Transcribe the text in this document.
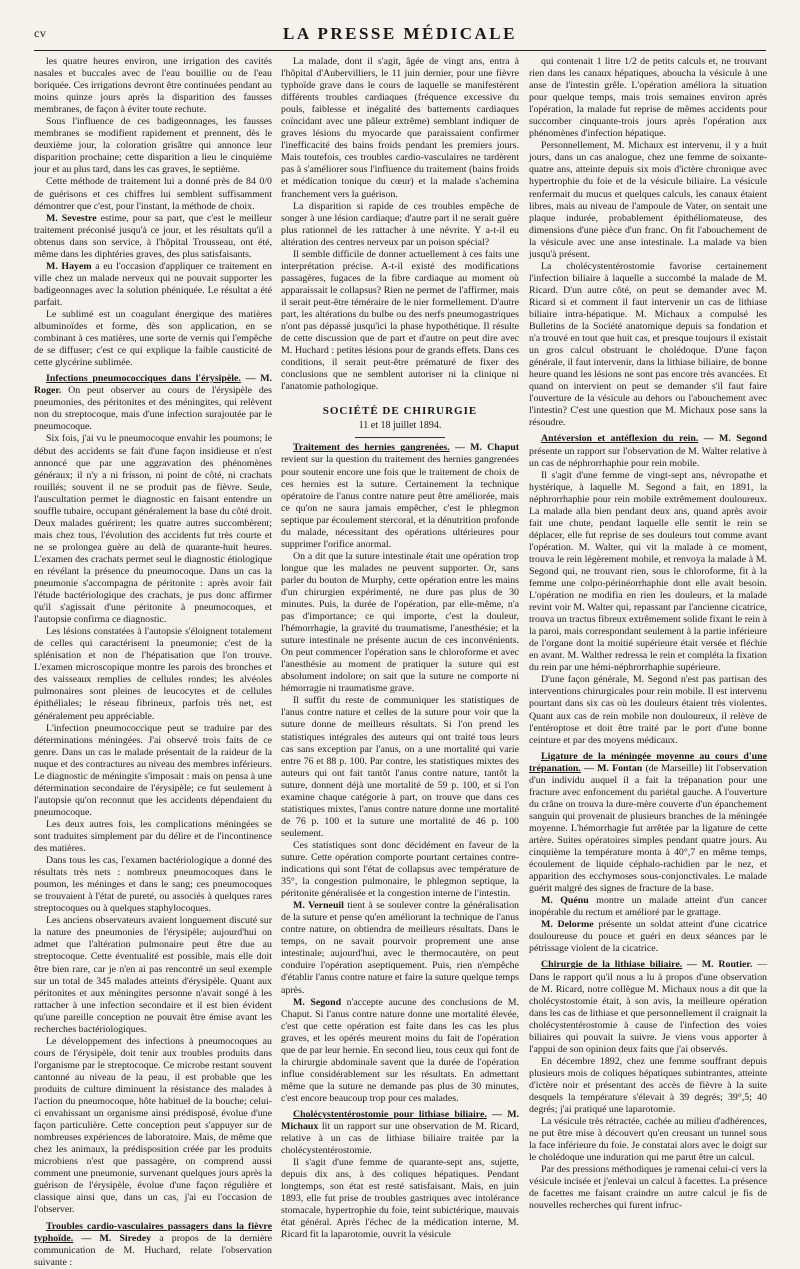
cv	LA PRESSE MÉDICALE

les quatre heures environ, une irrigation des cavités nasales et buccales avec de l'eau bouillie ou de l'eau boriquée. Ces irrigations devront être continuées pendant au moins quinze jours après la disparition des fausses membranes, de façon à éviter toute rechute.

Sous l'influence de ces badigeonnages, les fausses membranes se modifient rapidement et prennent, dès le deuxième jour, la coloration grisâtre qui annonce leur disparition prochaine; cette disparition a lieu le cinquième jour et au plus tard, dans les cas graves, le septième.

Cette méthode de traitement lui a donné près de 84 0/0 de guérisons et ces chiffres lui semblent suffisamment démontrer que c'est, pour l'instant, la méthode de choix.

M. Sevestre estime, pour sa part, que c'est le meilleur traitement préconisé jusqu'à ce jour, et les résultats qu'il a obtenus dans son service, à l'hôpital Trousseau, ont été, même dans les diphtéries graves, des plus satisfaisants.

M. Hayem a eu l'occasion d'appliquer ce traitement en ville chez un malade nerveux qui ne pouvait supporter les badigeonnages avec la solution phéniquée. Le résultat a été parfait.

Le sublimé est un coagulant énergique des matières albuminoïdes et forme, dès son application, en se combinant à ces matières, une sorte de vernis qui l'empêche de se diffuser; c'est ce qui explique la faible causticité de cette glycérine sublimée.

Infections pneumococciques dans l'érysipèle. — M. Roger. On peut observer au cours de l'érysipèle des pneumonies, des péritonites et des méningites, qui relèvent non du streptocoque, mais d'une infection surajoutée par le pneumocoque.

Six fois, j'ai vu le pneumocoque envahir les poumons; le début des accidents se fait d'une façon insidieuse et n'est annoncé que par une aggravation des phénomènes généraux; il n'y a ni frisson, ni point de côté, ni crachats rouillés; souvent il ne se produit pas de fièvre. Seule, l'auscultation permet le diagnostic en faisant entendre un souffle tubaire, occupant généralement la base du côté droit. Deux malades guérirent; les quatre autres succombèrent; mais chez tous, l'évolution des accidents fut très courte et ne se prolongea guère au delà de quarante-huit heures. L'examen des crachats permet seul le diagnostic étiologique en révélant la présence du pneumocoque. Dans un cas la pneumonie s'accompagna de péritonite : après avoir fait l'étude bactériologique des crachats, je pus donc affirmer qu'il s'agissait d'une péritonite à pneumocoques, et l'autopsie confirma ce diagnostic.

Les lésions constatées à l'autopsie s'éloignent totalement de celles qui caractérisent la pneumonie; c'est de la splénisation et non de l'hépatisation que l'on trouve. L'examen microscopique montre les parois des bronches et des vaisseaux remplies de cellules rondes; les alvéoles pulmonaires sont pleines de leucocytes et de cellules épithéliales; le réseau fibrineux, parfois très net, est généralement peu appréciable.

L'infection pneumococcique peut se traduire par des déterminations méningées. J'ai observé trois faits de ce genre. Dans un cas le malade présentait de la raideur de la nuque et des contractures au niveau des membres inférieurs. Le diagnostic de méningite s'imposait : mais on pensa à une détermination secondaire de l'érysipèle; ce fut seulement à l'autopsie qu'on reconnut que les accidents dépendaient du pneumocoque.

Les deux autres fois, les complications méningées se sont traduites simplement par du délire et de l'incontinence des matières.

Dans tous les cas, l'examen bactériologique a donné des résultats très nets : nombreux pneumocoques dans le poumon, les méninges et dans le sang; ces pneumocoques se trouvaient à l'état de pureté, ou associés à quelques rares streptocoques ou à quelques staphylocoques.

Les anciens observateurs avaient longuement discuté sur la nature des pneumonies de l'érysipèle; aujourd'hui on admet que l'altération pulmonaire peut être due au streptocoque. Cette éventualité est possible, mais elle doit être bien rare, car je n'en ai pas rencontré un seul exemple sur un total de 345 malades atteints d'érysipèle. Quant aux péritonites et aux méningites personne n'avait songé à les rattacher à une infection secondaire et il est bien évident qu'une pareille conception ne pouvait être émise avant les recherches bactériologiques.

Le développement des infections à pneumocoques au cours de l'érysipèle, doit tenir aux troubles produits dans l'organisme par le streptocoque. Ce microbe restant souvent cantonné au niveau de la peau, il est probable que les produits de culture diminuent la résistance des malades à l'action du pneumocoque, hôte habituel de la bouche; celui-ci envahissant un organisme ainsi prédisposé, évolue d'une façon particulière. Cette conception peut s'appuyer sur de nombreuses expériences de laboratoire. Mais, de même que chez les animaux, la prédisposition créée par les produits microbiens n'est que passagère, on comprend aussi comment une pneumonie, survenant quelques jours après la guérison de l'érysipèle, évolue d'une façon régulière et classique ainsi que, dans un cas, j'ai eu l'occasion de l'observer.

Troubles cardio-vasculaires passagers dans la fièvre typhoïde. — M. Siredey a propos de la dernière communication de M. Huchard, relate l'observation suivante :

La malade, dont il s'agit, âgée de vingt ans, entra à l'hôpital d'Aubervilliers, le 11 juin dernier, pour une fièvre typhoïde grave dans le cours de laquelle se manifestèrent différents troubles cardiaques (fréquence excessive du pouls, faiblesse et inégalité des battements cardiaques coïncidant avec une pâleur extrême) semblant indiquer de graves lésions du myocarde que paraissaient confirmer l'inefficacité des bains froids pendant les premiers jours. Mais toutefois, ces troubles cardio-vasculaires ne tardèrent pas à s'améliorer sous l'influence du traitement (bains froids et médication tonique du cœur) et la malade s'achemina franchement vers la guérison.

La disparition si rapide de ces troubles empêche de songer à une lésion cardiaque; d'autre part il ne serait guère plus rationnel de les rattacher à une névrite. Y a-t-il eu altération des centres nerveux par un poison spécial?

Il semble difficile de donner actuellement à ces faits une interprétation précise. A-t-il existé des modifications passagères, fugaces de la fibre cardiaque au moment où apparaissait le collapsus? Rien ne permet de l'affirmer, mais il serait peut-être téméraire de le nier formellement. D'autre part, les altérations du bulbe ou des nerfs pneumogastriques n'ont pas dépassé jusqu'ici la phase hypothétique. Il résulte de cette discussion que de part et d'autre on peut dire avec M. Huchard : petites lésions pour de grands effets. Dans ces conditions, il serait peut-être prématuré de fixer des conclusions que ne semblent autoriser ni la clinique ni l'anatomie pathologique.

SOCIÉTÉ DE CHIRURGIE
11 et 18 juillet 1894.

Traitement des hernies gangrenées. — M. Chaput revient sur la question du traitement des hernies gangrenées pour soutenir encore une fois que le traitement de choix de ces hernies est la suture. Certainement la technique opératoire de l'anus contre nature peut être améliorée, mais ce qu'on ne saura jamais empêcher, c'est le phlegmon septique par écoulement stercoral, et la dénutrition profonde du malade, nécessitant des opérations ultérieures pour supprimer l'orifice anormal.

On a dit que la suture intestinale était une opération trop longue que les malades ne peuvent supporter. Or, sans parler du bouton de Murphy, cette opération entre les mains d'un chirurgien expérimenté, ne dure pas plus de 30 minutes. Puis, la durée de l'opération, par elle-même, n'a pas d'importance; ce qui importe, c'est la douleur, l'hémorrhagie, la gravité du traumatisme, l'anesthésie; et la suture intestinale ne présente aucun de ces inconvénients. On peut commencer l'opération sans le chloroforme et avec l'anesthésie au moment de pratiquer la suture qui est absolument indolore; on sait que la suture ne comporte ni hémorragie ni traumatisme grave.

Il suffit du reste de communiquer les statistiques de l'anus contre nature et celles de la suture pour voir que la suture donne de meilleurs résultats. Si l'on prend les statistiques intégrales des auteurs qui ont traité tous leurs cas sans exception par l'anus, on a une mortalité qui varie entre 76 et 88 p. 100. Par contre, les statistiques mixtes des auteurs qui ont fait tantôt l'anus contre nature, tantôt la suture, donnent déjà une mortalité de 59 p. 100, et si l'on examine chaque catégorie à part, on trouve que dans ces statistiques mixtes, l'anus contre nature donne une mortalité de 76 p. 100 et la suture une mortalité de 46 p. 100 seulement.

Ces statistiques sont donc décidément en faveur de la suture. Cette opération comporte pourtant certaines contre-indications qui sont l'état de collapsus avec température de 35°, la congestion pulmonaire, le phlegmon septique, la péritonite généralisée et la congestion interne de l'intestin.

M. Verneuil tient à se soulever contre la généralisation de la suture et pense qu'en améliorant la technique de l'anus contre nature, on obtiendra de meilleurs résultats. Dans le temps, on ne savait pourvoir proprement une anse intestinale; aujourd'hui, avec le thermocautère, on peut conduire l'opération aseptiquement. Puis, rien n'empêche d'établir l'anus contre nature et faire la suture quelque temps après.

M. Segond n'accepte aucune des conclusions de M. Chaput. Si l'anus contre nature donne une mortalité élevée, c'est que cette opération est faite dans les cas les plus graves, et les opérés meurent moins du fait de l'opération que de par leur hernie. En second lieu, tous ceux qui font de la chirurgie abdominale savent que la durée de l'opération influe considérablement sur les résultats. En admettant même que la suture ne demande pas plus de 30 minutes, c'est encore beaucoup trop pour ces malades.

Cholécystentérostomie pour lithiase biliaire. — M. Michaux lit un rapport sur une observation de M. Ricard, relative à un cas de lithiase biliaire traitée par la cholécystentérostomie.

Il s'agit d'une femme de quarante-sept ans, sujette, depuis dix ans, à des coliques hépatiques. Pendant longtemps, son état est resté satisfaisant. Mais, en juin 1893, elle fut prise de troubles gastriques avec intolérance stomacale, hypertrophie du foie, teint subictérique, mauvais état général. Après l'échec de la médication interne, M. Ricard fit la laparotomie, ouvrit la vésicule

qui contenait 1 litre 1/2 de petits calculs et, ne trouvant rien dans les canaux hépatiques, aboucha la vésicule à une anse de l'intestin grêle. L'opération améliora la situation pour quelque temps, mais trois semaines environ après l'opération, la malade fut reprise de mêmes accidents pour succomber cinquante-trois jours après l'opération aux phénomènes d'infection hépatique.

Personnellement, M. Michaux est intervenu, il y a huit jours, dans un cas analogue, chez une femme de soixante-quatre ans, atteinte depuis six mois d'ictère chronique avec hypertrophie du foie et de la vésicule biliaire. La vésicule renfermait du mucus et quelques calculs, les canaux étaient libres, mais au niveau de l'ampoule de Vater, on sentait une plaque indurée, probablement épithéliomateuse, des dimensions d'une pièce d'un franc. On fit l'abouchement de la vésicule avec une anse intestinale. La malade va bien jusqu'à présent.

La cholécystentérostomie favorise certainement l'infection biliaire à laquelle a succombé la malade de M. Ricard. D'un autre côté, on peut se demander avec M. Ricard si et comment il faut intervenir un cas de lithiase biliaire intra-hépatique. M. Michaux a compulsé les Bulletins de la Société anatomique depuis sa fondation et n'a trouvé en tout que huit cas, et presque toujours il existait un gros calcul obstruant le cholédoque. D'une façon générale, il faut intervenir, dans la lithiase biliaire, de bonne heure quand les lésions ne sont pas encore très avancées. Et quand on intervient on peut se demander s'il faut faire l'ouverture de la vésicule au dehors ou l'abouchement avec l'intestin? C'est une question que M. Michaux pose sans la résoudre.

Antéversion et antéflexion du rein. — M. Segond présente un rapport sur l'observation de M. Walter relative à un cas de néphrorrhaphie pour rein mobile.

Il s'agit d'une femme de vingt-sept ans, névropathe et hystérique, à laquelle M. Segond a fait, en 1891, la néphrorrhaphie pour rein mobile extrêmement douloureux. La malade alla bien pendant deux ans, quand après avoir fait une chute, pendant laquelle elle sentit le rein se déplacer, elle fut reprise de ses douleurs tout comme avant l'opération. M. Walter, qui vit la malade à ce moment, trouva le rein légèrement mobile, et renvoya la malade à M. Segond qui, ne trouvant rien, sous le chloroforme, fit à la femme une colpo-périnéorrhaphie dont elle avait besoin. L'opération ne modifia en rien les douleurs, et la malade revint voir M. Walter qui, repassant par l'ancienne cicatrice, trouva un tractus fibreux extrêmement solide fixant le rein à la paroi, mais correspondant seulement à la partie inférieure de l'organe dont la moitié supérieure était versée et fléchie en avant. M. Walther redressa le rein et compléta la fixation du rein par une hémi-néphrorrhaphie supérieure.

D'une façon générale, M. Segond n'est pas partisan des interventions chirurgicales pour rein mobile. Il est intervenu pourtant dans six cas où les douleurs étaient très violentes. Quant aux cas de rein mobile non douloureux, il relève de l'entéroptose et doit être traité par le port d'une bonne ceinture et par des moyens médicaux.

Ligature de la méningée moyenne au cours d'une trépanation. — M. Fontan (de Marseille) lit l'observation d'un individu auquel il a fait la trépanation pour une fracture avec enfoncement du pariétal gauche. A l'ouverture du crâne on trouva la dure-mère couverte d'un épanchement sanguin qui provenait de plusieurs branches de la méningée moyenne. L'hémorrhagie fut arrêtée par la ligature de cette artère. Suites opératoires simples pendant quatre jours. Au cinquième la température monta à 40°,7 en même temps, écoulement de liquide céphalo-rachidien par le nez, et apparition des ecchymoses sous-conjonctivales. Le malade guérit malgré des signes de fracture de la base.

M. Quénu montre un malade atteint d'un cancer inopérable du rectum et amélioré par le grattage.

M. Delorme présente un soldat atteint d'une cicatrice douloureuse du pouce et guéri en deux séances par le pétrissage violent de la cicatrice.

Chirurgie de la lithiase biliaire. — M. Routier. — Dans le rapport qu'il nous a lu à propos d'une observation de M. Ricard, notre collègue M. Michaux nous a dit que la cholécystostomie était, à son avis, la meilleure opération dans les cas de lithiase et que personnellement il craignait la cholécystentérostomie à cause de l'infection des voies biliaires qui pouvait la suivre. Je viens vous apporter à l'appui de son opinion deux faits que j'ai observés.

En décembre 1892, chez une femme souffrant depuis plusieurs mois de coliques hépatiques subintrantes, atteinte d'ictère noir et présentant des accès de fièvre à la suite desquels la température s'élevait à 39 degrés; 39°,5; 40 degrés; j'ai pratiqué une laparotomie.

La vésicule très rétractée, cachée au milieu d'adhérences, ne put être mise à découvert qu'en creusant un tunnel sous la face inférieure du foie. Je constatai alors avec le doigt sur le cholédoque une induration qui me parut être un calcul.

Par des pressions méthodiques je ramenai celui-ci vers la vésicule incisée et j'enlevai un calcul à facettes. La présence de facettes me faisant craindre un autre calcul je fis de nouvelles recherches qui furent infruc-
